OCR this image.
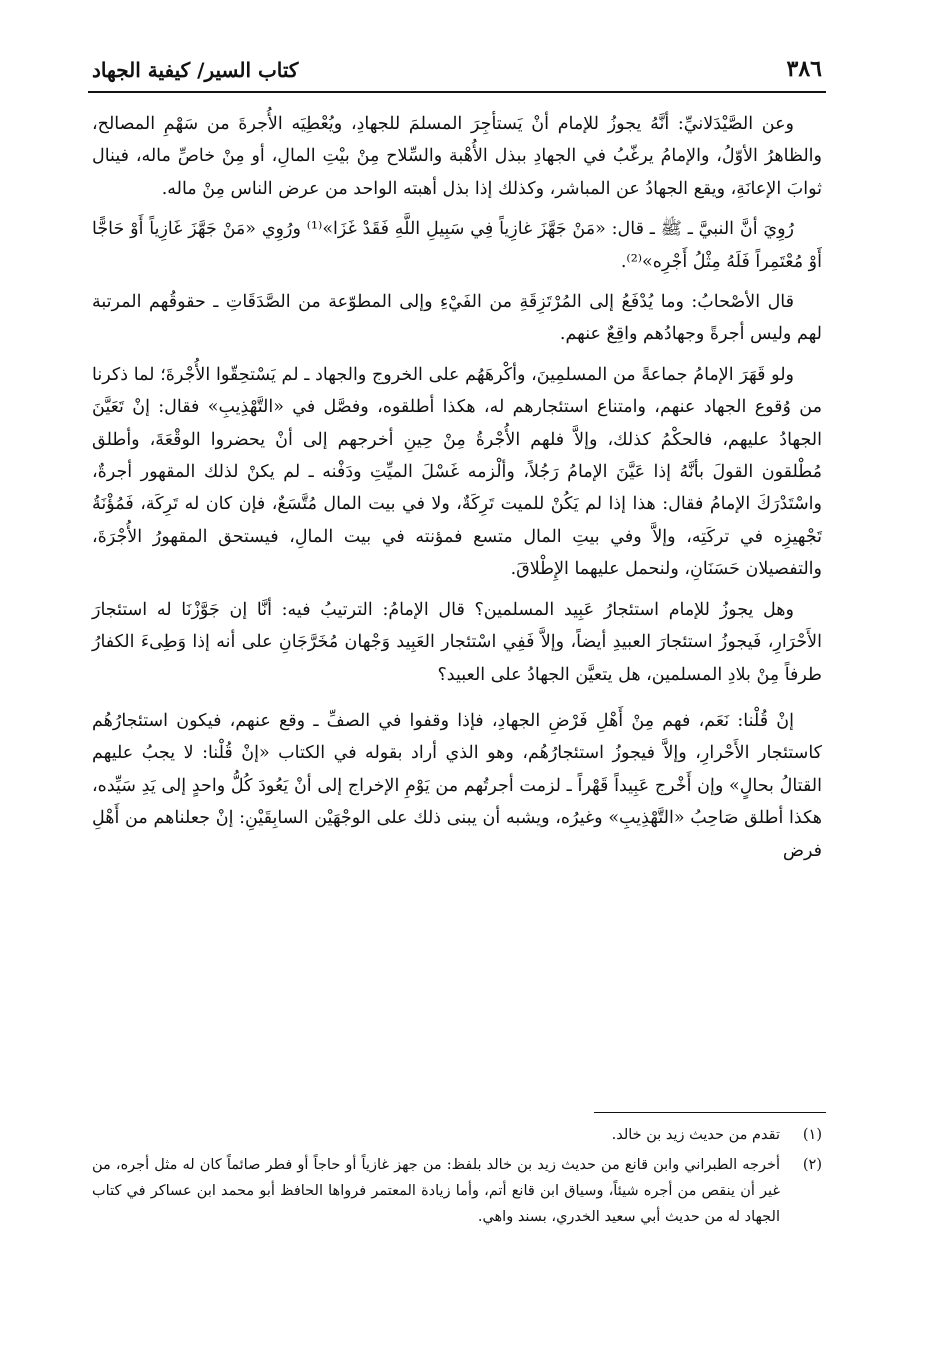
كتاب السير/ كيفية الجهاد	٣٨٦

وعن الصَّيْدَلانيِّ: أنَّهُ يجوزُ للإمام أنْ يَستأجِرَ المسلمَ للجهادِ، ويُعْطِيَه الأُجرةَ من سَهْمِ المصالح، والظاهرُ الأوّلُ، والإمامُ يرغّبُ في الجهادِ ببذل الأُهْبة والسِّلاح مِنْ بيْتِ المالِ، أو مِنْ خاصِّ ماله، فينال ثوابَ الإعانَةِ، ويقع الجهادُ عن المباشر، وكذلك إذا بذل أهبته الواحد من عرض الناس مِنْ ماله.

رُوِيَ أنَّ النبيَّ ـ ﷺ ـ قال: «مَنْ جَهَّزَ غازِياً فِي سَبِيلِ اللَّهِ فَقَدْ غَزَا»⁽¹⁾ ورُوِي «مَنْ جَهَّزَ غَازِياً أَوْ حَاجًّا أَوْ مُعْتَمِراً فَلَهُ مِثْلُ أَجْرِه»⁽²⁾.

قال الأصْحابُ: وما يُدْفَعُ إلى المُرْتَزِقَةِ من الفَيْءِ وإلى المطوّعة من الصَّدَقَاتِ ـ حقوقُهم المرتبة لهم وليس أجرةً وجهادُهم واقِعٌ عنهم.

ولو قَهَرَ الإمامُ جماعةً من المسلمِينَ، وأكْرهَهُم على الخروج والجهاد ـ لم يَسْتحِقّوا الأُجْرةَ؛ لما ذكرنا من وُقوع الجهاد عنهم، وامتناع استئجارهم له، هكذا أطلقوه، وفصَّل في «التَّهْذِيبِ» فقال: إنْ تَعَيَّنَ الجهادُ عليهم، فالحكْمُ كذلك، وإلاَّ فلهم الأُجْرةُ مِنْ حِينِ أخرجهم إلى أنْ يحضروا الوقْعَةَ، وأطلق مُطْلقون القولَ بأنَّهُ إذا عَيَّنَ الإمامُ رَجُلاً، وألْزمه غَسْلَ الميِّتِ ودَفْنه ـ لم يكنْ لذلك المقهور أجرةٌ، واسْتَدْرَكَ الإمامُ فقال: هذا إذا لم يَكُنْ للميت تَرِكَةٌ، ولا في بيت المال مُتَّسَعٌ، فإن كان له تَرِكَة، فَمُؤْنَةُ تَجْهيزِه في تركَتِه، وإلاَّ وفي بيتِ المال متسع فمؤنته في بيت المالِ، فيستحق المقهورُ الأُجْرَةَ، والتفصيلان حَسَنَانِ، ولنحمل عليهما الإِطْلاقَ.

وهل يجوزُ للإمام استئجارُ عَبِيد المسلمين؟ قال الإمامُ: الترتيبُ فيه: أنَّا إن جَوَّزْنَا له استئجارَ الأَحْرَارِ، فَيجوزُ استئجارَ العبيدِ أيضاً، وإلاَّ فَفِي اسْتئجار العَبِيد وَجْهان مُخَرَّجَانِ على أنه إذا وَطِىءَ الكفارُ طرفاً مِنْ بلادِ المسلمين، هل يتعيَّن الجهادُ على العبيد؟

إنْ قُلْنا: نَعَم، فهم مِنْ أَهْلِ فَرْضِ الجهادِ، فإذا وقفوا في الصفِّ ـ وقع عنهم، فيكون استئجارُهُم كاستئجار الأَحْرارِ، وإلاَّ فيجوزُ استئجارُهُم، وهو الذي أراد بقوله في الكتاب «إنْ قُلْنا: لا يجبُ عليهم القتالُ بحالٍ» وإن أَخْرج عَبِيداً قَهْراً ـ لزمت أجرتُهم من يَوْمِ الإخراج إلى أنْ يَعُودَ كُلُّ واحدٍ إلى يَدِ سَيِّده، هكذا أطلق صَاحِبُ «التَّهْذِيبِ» وغيرُه، ويشبه أن يبنى ذلك على الوجْهَيْن السابِقَيْنِ: إنْ جعلناهم من أَهْلِ فرض

(١)
تقدم من حديث زيد بن خالد.
(٢)
أخرجه الطبراني وابن قانع من حديث زيد بن خالد بلفظ: من جهز غازياً أو حاجاً أو فطر صائماً كان له مثل أجره، من غير أن ينقص من أجره شيئاً، وسياق ابن قانع أتم، وأما زيادة المعتمر فرواها الحافظ أبو محمد ابن عساكر في كتاب الجهاد له من حديث أبي سعيد الخدري، بسند واهي.
